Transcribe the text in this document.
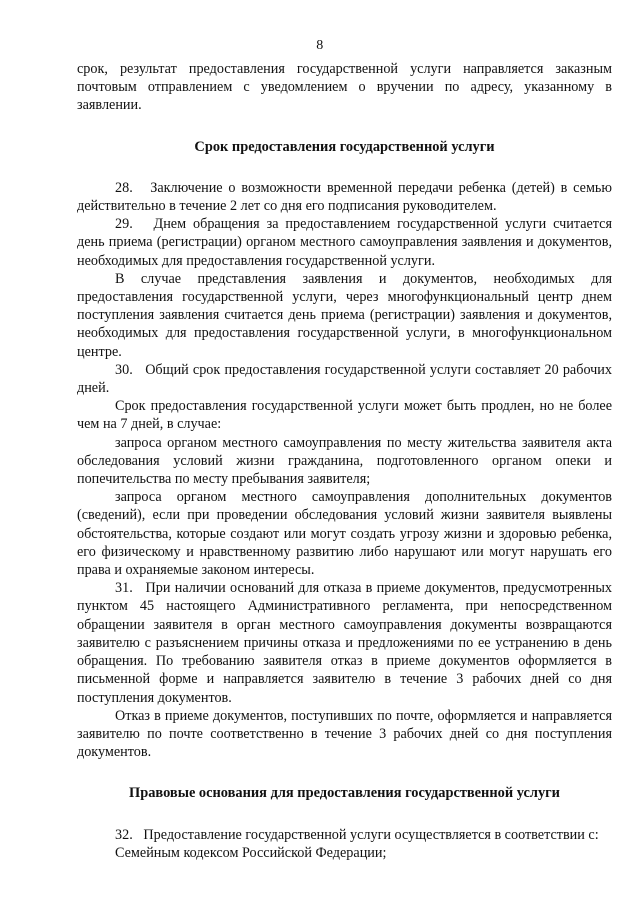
8

срок, результат предоставления государственной услуги направляется заказным почтовым отправлением с уведомлением о вручении по адресу, указанному в заявлении.

Срок предоставления государственной услуги

28.   Заключение о возможности временной передачи ребенка (детей) в семью действительно в течение 2 лет со дня его подписания руководителем.

29.   Днем обращения за предоставлением государственной услуги считается день приема (регистрации) органом местного самоуправления заявления и документов, необходимых для предоставления государственной услуги.

В случае представления заявления и документов, необходимых для предоставления государственной услуги, через многофункциональный центр днем поступления заявления считается день приема (регистрации) заявления и документов, необходимых для предоставления государственной услуги, в многофункциональном центре.

30.   Общий срок предоставления государственной услуги составляет 20 рабочих дней.

Срок предоставления государственной услуги может быть продлен, но не более чем на 7 дней, в случае:

запроса органом местного самоуправления по месту жительства заявителя акта обследования условий жизни гражданина, подготовленного органом опеки и попечительства по месту пребывания заявителя;

запроса органом местного самоуправления дополнительных документов (сведений), если при проведении обследования условий жизни заявителя выявлены обстоятельства, которые создают или могут создать угрозу жизни и здоровью ребенка, его физическому и нравственному развитию либо нарушают или могут нарушать его права и охраняемые законом интересы.

31.   При наличии оснований для отказа в приеме документов, предусмотренных пунктом 45 настоящего Административного регламента, при непосредственном обращении заявителя в орган местного самоуправления документы возвращаются заявителю с разъяснением причины отказа и предложениями по ее устранению в день обращения. По требованию заявителя отказ в приеме документов оформляется в письменной форме и направляется заявителю в течение 3 рабочих дней со дня поступления документов.

Отказ в приеме документов, поступивших по почте, оформляется и направляется заявителю по почте соответственно в течение 3 рабочих дней со дня поступления документов.

Правовые основания для предоставления государственной услуги

32.   Предоставление государственной услуги осуществляется в соответствии с:

Семейным кодексом Российской Федерации;
